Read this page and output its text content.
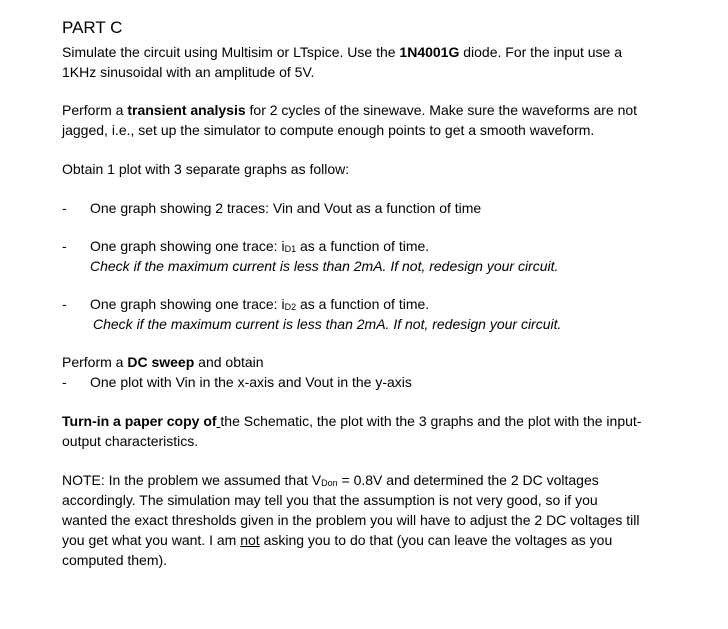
PART C

Simulate the circuit using Multisim or LTspice. Use the 1N4001G diode. For the input use a
1KHz sinusoidal with an amplitude of 5V.

Perform a transient analysis for 2 cycles of the sinewave. Make sure the waveforms are not
jagged, i.e., set up the simulator to compute enough points to get a smooth waveform.

Obtain 1 plot with 3 separate graphs as follow:

- One graph showing 2 traces: Vin and Vout as a function of time
- One graph showing one trace: $i_{D1}$ as a function of time.
Check if the maximum current is less than 2mA. If not, redesign your circuit.
- One graph showing one trace: $i_{D2}$ as a function of time.
Check if the maximum current is less than 2mA. If not, redesign your circuit.

Perform a DC sweep and obtain

- One plot with Vin in the x-axis and Vout in the y-axis

Turn-in a paper copy of the Schematic, the plot with the 3 graphs and the plot with the input-
output characteristics.

NOTE: In the problem we assumed that $V_{Don} = 0.8V$ and determined the 2 DC voltages
accordingly. The simulation may tell you that the assumption is not very good, so if you
wanted the exact thresholds given in the problem you will have to adjust the 2 DC voltages till
you get what you want. I am not asking you to do that (you can leave the voltages as you
computed them).
